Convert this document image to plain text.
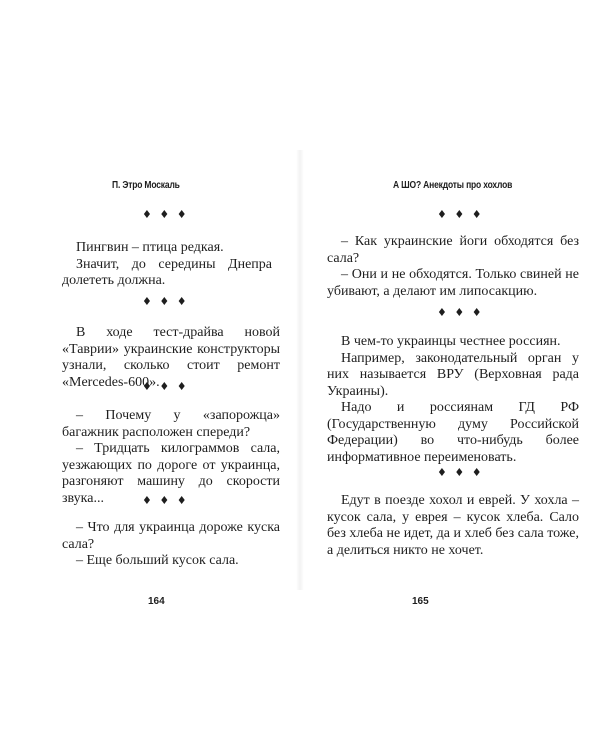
П. Этро Москаль
♦ ♦ ♦

Пингвин – птица редкая.

Значит, до середины Днепра долететь должна.

♦ ♦ ♦

В ходе тест-драйва новой «Таврии» украинские конструкторы узнали, сколько стоит ремонт «Mercedes-600».

♦ ♦ ♦

– Почему у «запорожца» багажник расположен спереди?

– Тридцать килограммов сала, уезжающих по дороге от украинца, разгоняют машину до скорости звука...	♦ ♦ ♦

– Что для украинца дороже куска сала?

– Еще больший кусок сала.

164
А ШО? Анекдоты про хохлов
♦ ♦ ♦

– Как украинские йоги обходятся без сала?

– Они и не обходятся. Только свиней не убивают, а делают им липосакцию.

♦ ♦ ♦

В чем-то украинцы честнее россиян.

Например, законодательный орган у них называется ВРУ (Верховная рада Украины).

Надо и россиянам ГД РФ (Государственную думу Российской Федерации) во что-нибудь более информативное переименовать.

♦ ♦ ♦

Едут в поезде хохол и еврей. У хохла – кусок сала, у еврея – кусок хлеба. Сало без хлеба не идет, да и хлеб без сала тоже, а делиться никто не хочет.

165
